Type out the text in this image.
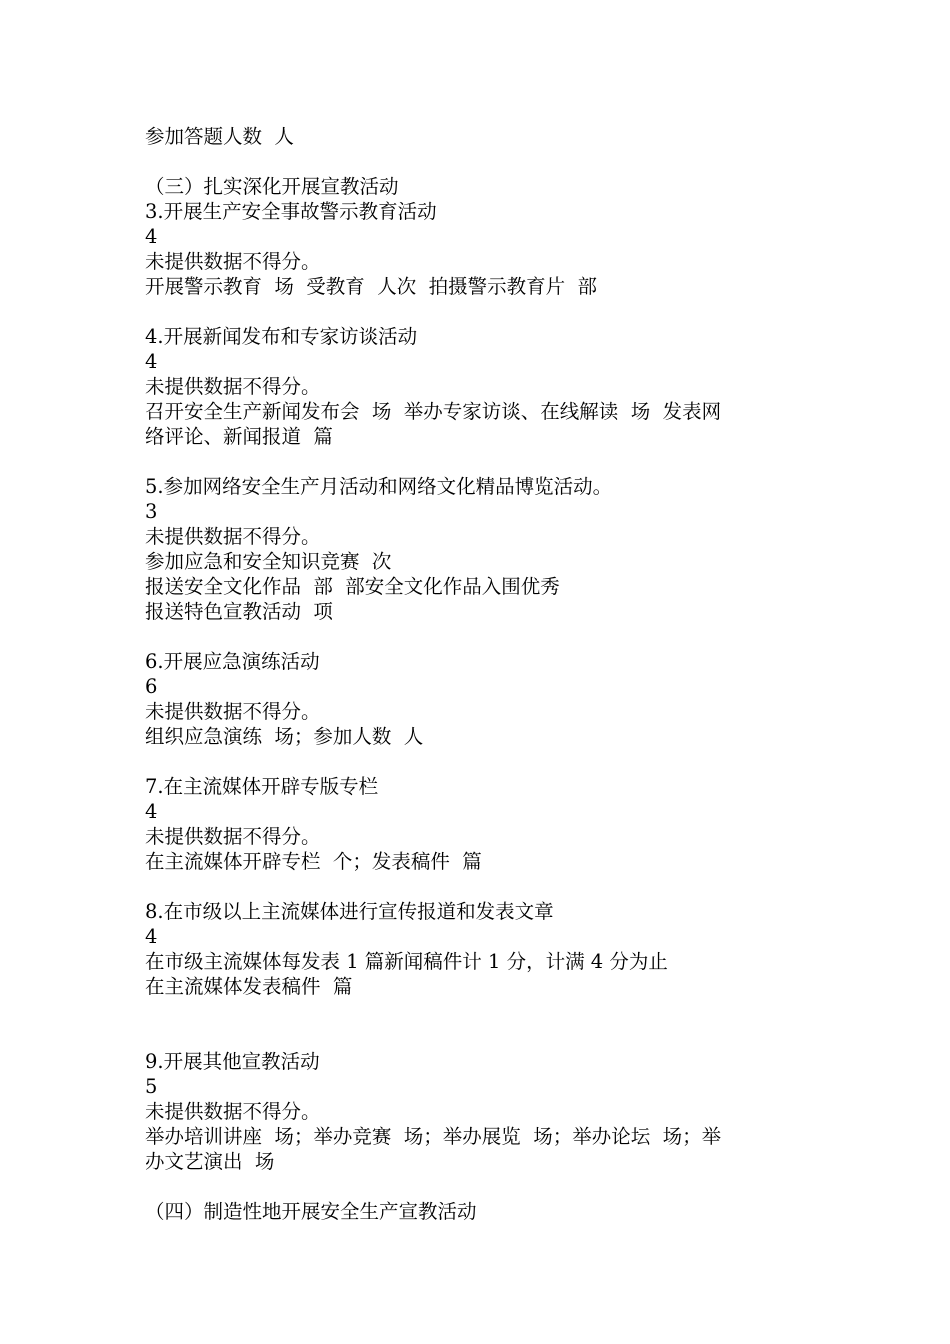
参加答题人数  人
（三）扎实深化开展宣教活动
3.开展生产安全事故警示教育活动
4
未提供数据不得分。
开展警示教育  场  受教育  人次  拍摄警示教育片  部
4.开展新闻发布和专家访谈活动
4
未提供数据不得分。
召开安全生产新闻发布会  场  举办专家访谈、在线解读  场  发表网
络评论、新闻报道  篇
5.参加网络安全生产月活动和网络文化精品博览活动。
3
未提供数据不得分。
参加应急和安全知识竞赛  次
报送安全文化作品  部  部安全文化作品入围优秀
报送特色宣教活动  项
6.开展应急演练活动
6
未提供数据不得分。
组织应急演练  场；参加人数  人
7.在主流媒体开辟专版专栏
4
未提供数据不得分。
在主流媒体开辟专栏  个；发表稿件  篇
8.在市级以上主流媒体进行宣传报道和发表文章
4
在市级主流媒体每发表 1 篇新闻稿件计 1 分，计满 4 分为止
在主流媒体发表稿件  篇
9.开展其他宣教活动
5
未提供数据不得分。
举办培训讲座  场；举办竞赛  场；举办展览  场；举办论坛  场；举
办文艺演出  场
（四）制造性地开展安全生产宣教活动
